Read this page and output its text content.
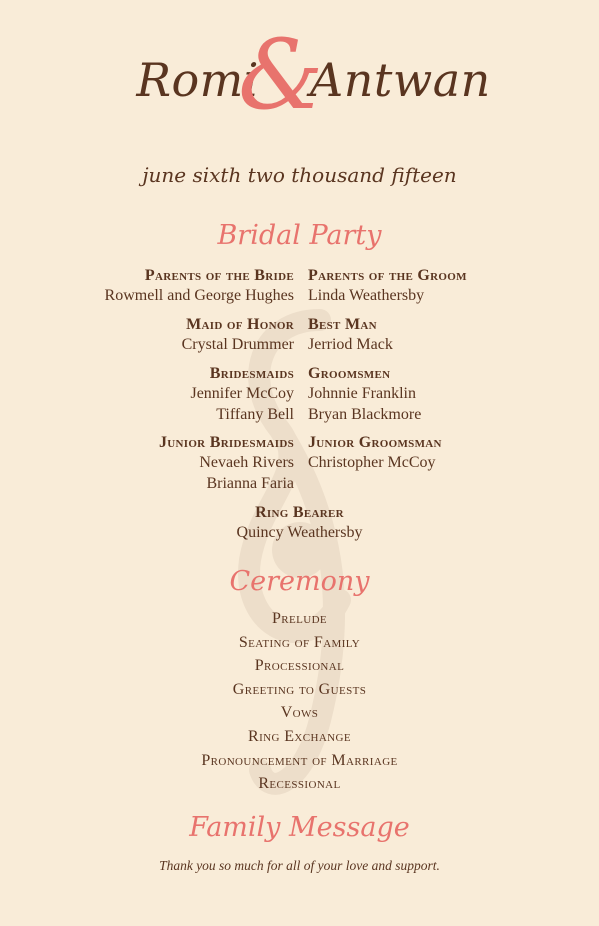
Romi
&
Antwan
june sixth two thousand fifteen
Bridal Party
Parents of the Bride
Rowmell and George Hughes
Parents of the Groom
Linda Weathersby
Maid of Honor
Crystal Drummer
Best Man
Jerriod Mack
Bridesmaids
Jennifer McCoy
Tiffany Bell
Groomsmen
Johnnie Franklin
Bryan Blackmore
Junior Bridesmaids
Nevaeh Rivers
Brianna Faria
Junior Groomsman
Christopher McCoy
Ring Bearer
Quincy Weathersby
Ceremony
Prelude
Seating of Family
Processional
Greeting to Guests
Vows
Ring Exchange
Pronouncement of Marriage
Recessional
Family Message
Thank you so much for all of your love and support.
